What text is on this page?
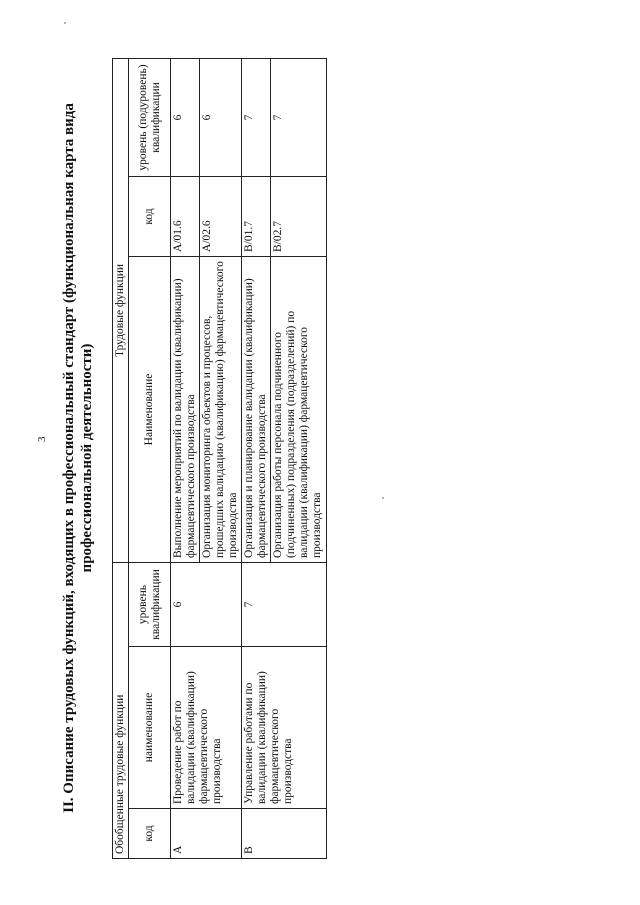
3 II. Описание трудовых функций, входящих в профессиональный стандарт (функциональная карта вида профессиональной деятельности)
Обобщенные трудовые функции			Трудовые функции		
код	наименование	уровень квалификации	Наименование	код	уровень (подуровень) квалификации
A	Проведение работ по валидации (квалификации) фармацевтического производства	6	Выполнение мероприятий по валидации (квалификации) фармацевтического производства	A/01.6	6
			Организация мониторинга объектов и процессов, прошедших валидацию (квалификацию) фармацевтического производства	A/02.6	6
B	Управление работами по валидации (квалификации) фармацевтического производства	7	Организация и планирование валидации (квалификации) фармацевтического производства	B/01.7	7
			Организация работы персонала подчиненного (подчиненных) подразделения (подразделений) по валидации (квалификации) фармацевтического производства	B/02.7	7
